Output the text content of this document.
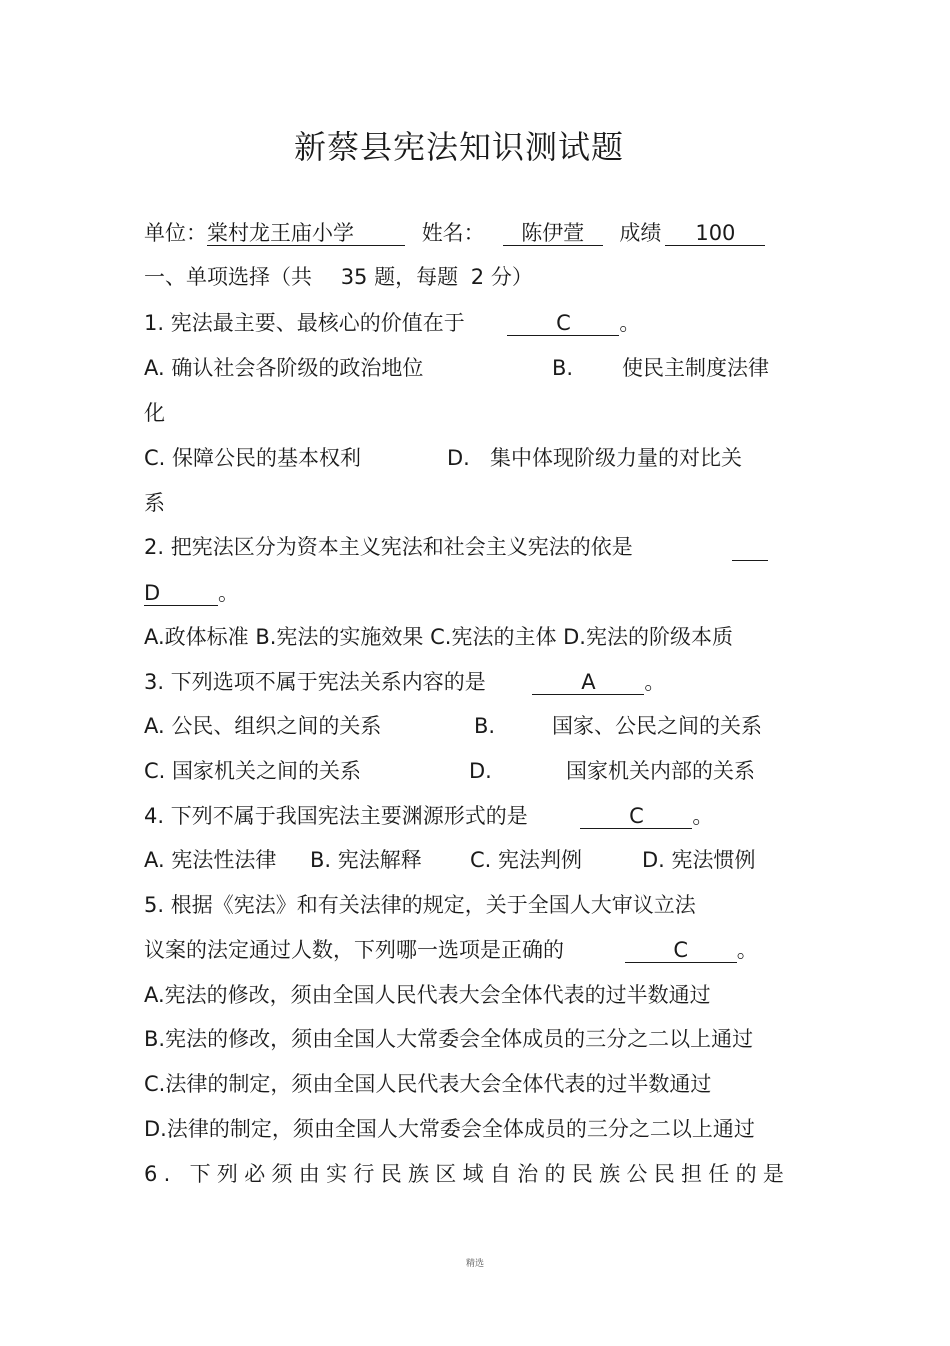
新蔡县宪法知识测试题
单位：棠村龙王庙小学	姓名： 陈伊萱 成绩 100
一、单项选择（共 35 题，每题 2 分）
1. 宪法最主要、最核心的价值在于	C 。
A. 确认社会各阶级的政治地位	B. 使民主制度法律
化
C. 保障公民的基本权利	D. 集中体现阶级力量的对比关
系
2. 把宪法区分为资本主义宪法和社会主义宪法的依是
D	。
A.政体标准 B.宪法的实施效果 C.宪法的主体 D.宪法的阶级本质
3. 下列选项不属于宪法关系内容的是	A 。
A. 公民、组织之间的关系	B.	国家、公民之间的关系
C. 国家机关之间的关系	D.	国家机关内部的关系
4. 下列不属于我国宪法主要渊源形式的是	C 。
A. 宪法性法律 B. 宪法解释 C. 宪法判例	D. 宪法惯例
5. 根据《宪法》和有关法律的规定，关于全国人大审议立法
议案的法定通过人数，下列哪一选项是正确的	C 。
A.宪法的修改，须由全国人民代表大会全体代表的过半数通过
B.宪法的修改，须由全国人大常委会全体成员的三分之二以上通过
C.法律的制定，须由全国人民代表大会全体代表的过半数通过
D.法律的制定，须由全国人大常委会全体成员的三分之二以上通过
6. 下列必须由实行民族区域自治的民族公民担任的是
精选
